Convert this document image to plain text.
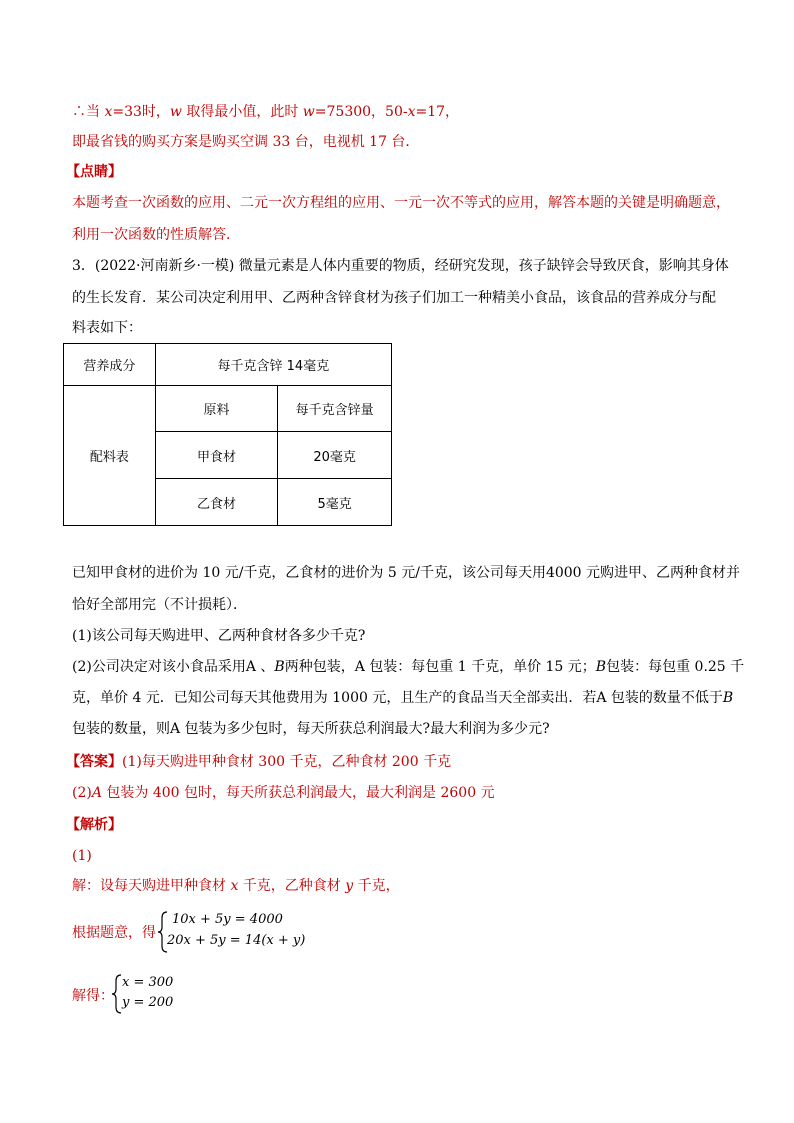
∴当 x=33时，w 取得最小值，此时 w=75300，50-x=17，
即最省钱的购买方案是购买空调 33 台，电视机 17 台．
【点睛】
本题考查一次函数的应用、二元一次方程组的应用、一元一次不等式的应用，解答本题的关键是明确题意，
利用一次函数的性质解答．
3．(2022·河南新乡·一模) 微量元素是人体内重要的物质，经研究发现，孩子缺锌会导致厌食，影响其身体
的生长发育．某公司决定利用甲、乙两种含锌食材为孩子们加工一种精美小食品，该食品的营养成分与配
料表如下：
营养成分	每千克含锌 14毫克	
配料表	原料	每千克含锌量
	甲食材	20毫克
	乙食材	5毫克
已知甲食材的进价为 10 元/千克，乙食材的进价为 5 元/千克，该公司每天用4000 元购进甲、乙两种食材并
恰好全部用完（不计损耗）．
(1)该公司每天购进甲、乙两种食材各多少千克?
(2)公司决定对该小食品采用A 、B两种包装，A 包装：每包重 1 千克，单价 15 元；B包装：每包重 0.25 千
克，单价 4 元．已知公司每天其他费用为 1000 元，且生产的食品当天全部卖出．若A 包装的数量不低于B
包装的数量，则A 包装为多少包时，每天所获总利润最大?最大利润为多少元?
【答案】(1)每天购进甲种食材 300 千克，乙种食材 200 千克
(2)A 包装为 400 包时，每天所获总利润最大，最大利润是 2600 元
【解析】
(1)
解：设每天购进甲种食材 x 千克，乙种食材 y 千克，
根据题意，得
10x + 5y = 4000
20x + 5y = 14(x + y)
解得：
x = 300
y = 200
